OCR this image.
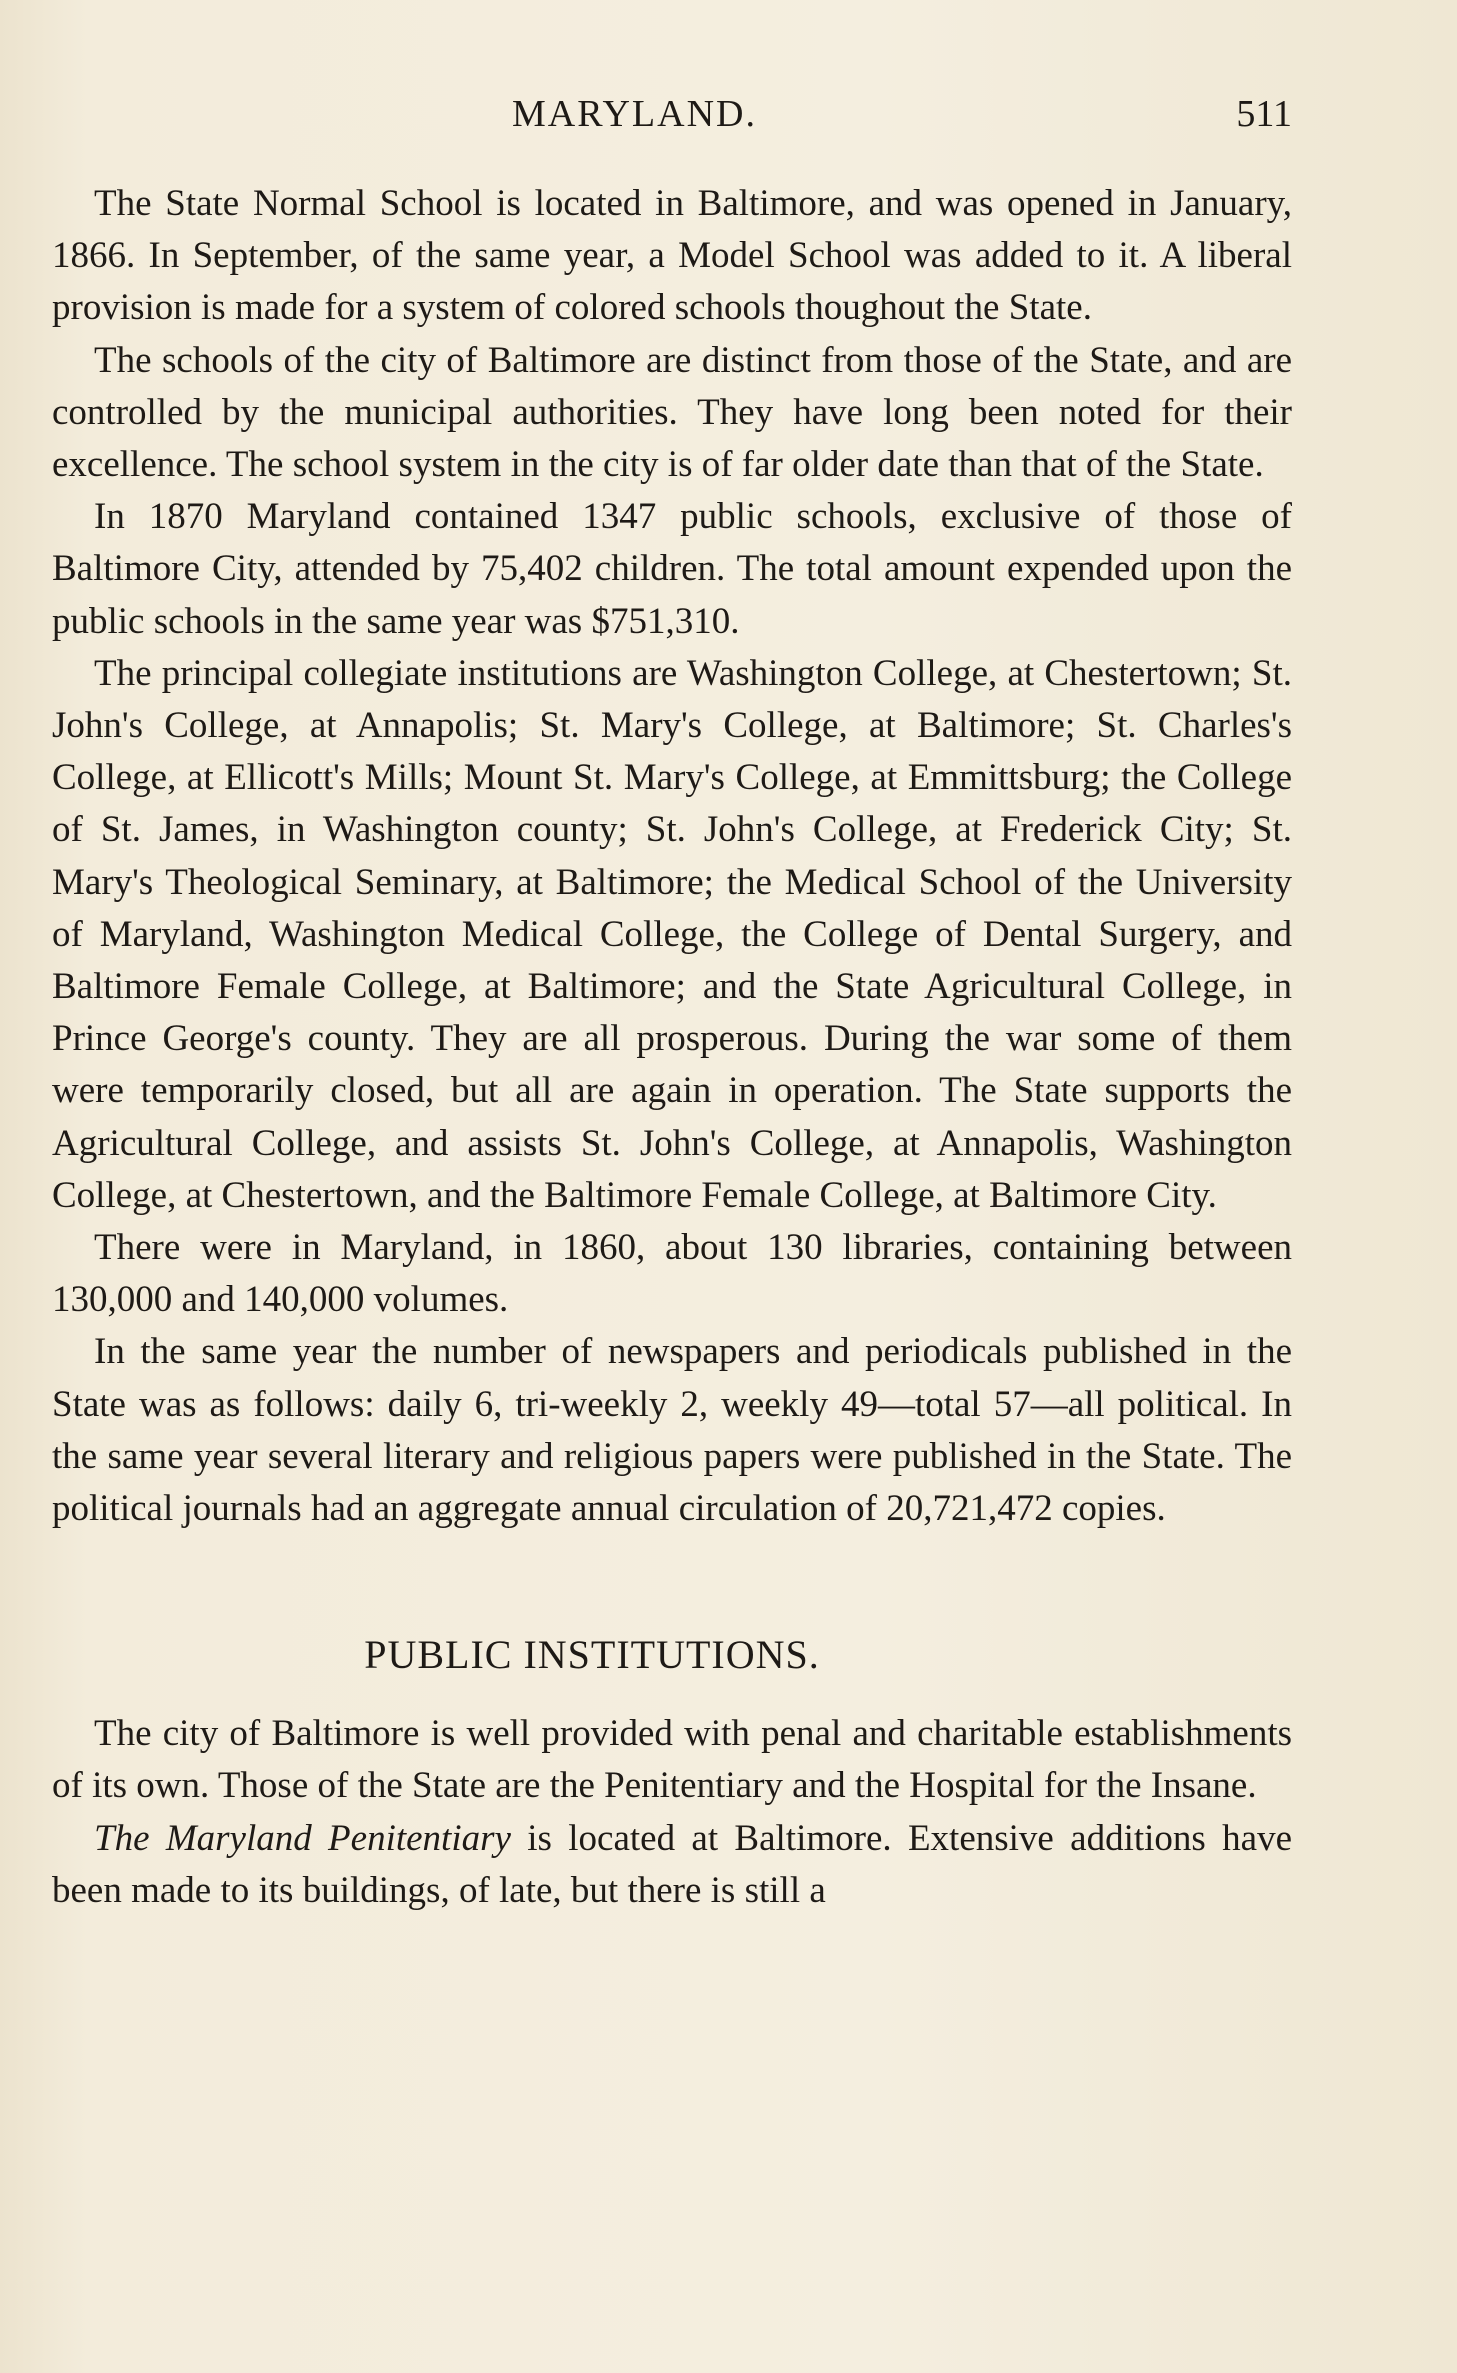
MARYLAND.	511

The State Normal School is located in Baltimore, and was opened in January, 1866. In September, of the same year, a Model School was added to it. A liberal provision is made for a system of colored schools thoughout the State.

The schools of the city of Baltimore are distinct from those of the State, and are controlled by the municipal authorities. They have long been noted for their excellence. The school system in the city is of far older date than that of the State.

In 1870 Maryland contained 1347 public schools, exclusive of those of Baltimore City, attended by 75,402 children. The total amount expended upon the public schools in the same year was $751,310.

The principal collegiate institutions are Washington College, at Chestertown; St. John's College, at Annapolis; St. Mary's College, at Baltimore; St. Charles's College, at Ellicott's Mills; Mount St. Mary's College, at Emmittsburg; the College of St. James, in Washington county; St. John's College, at Frederick City; St. Mary's Theological Seminary, at Baltimore; the Medical School of the University of Maryland, Washington Medical College, the College of Dental Surgery, and Baltimore Female College, at Baltimore; and the State Agricultural College, in Prince George's county. They are all prosperous. During the war some of them were temporarily closed, but all are again in operation. The State supports the Agricultural College, and assists St. John's College, at Annapolis, Washington College, at Chestertown, and the Baltimore Female College, at Baltimore City.

There were in Maryland, in 1860, about 130 libraries, containing between 130,000 and 140,000 volumes.

In the same year the number of newspapers and periodicals published in the State was as follows: daily 6, tri-weekly 2, weekly 49—total 57—all political. In the same year several literary and religious papers were published in the State. The political journals had an aggregate annual circulation of 20,721,472 copies.

PUBLIC INSTITUTIONS.

The city of Baltimore is well provided with penal and charitable establishments of its own. Those of the State are the Penitentiary and the Hospital for the Insane.

The Maryland Penitentiary is located at Baltimore. Extensive additions have been made to its buildings, of late, but there is still a
